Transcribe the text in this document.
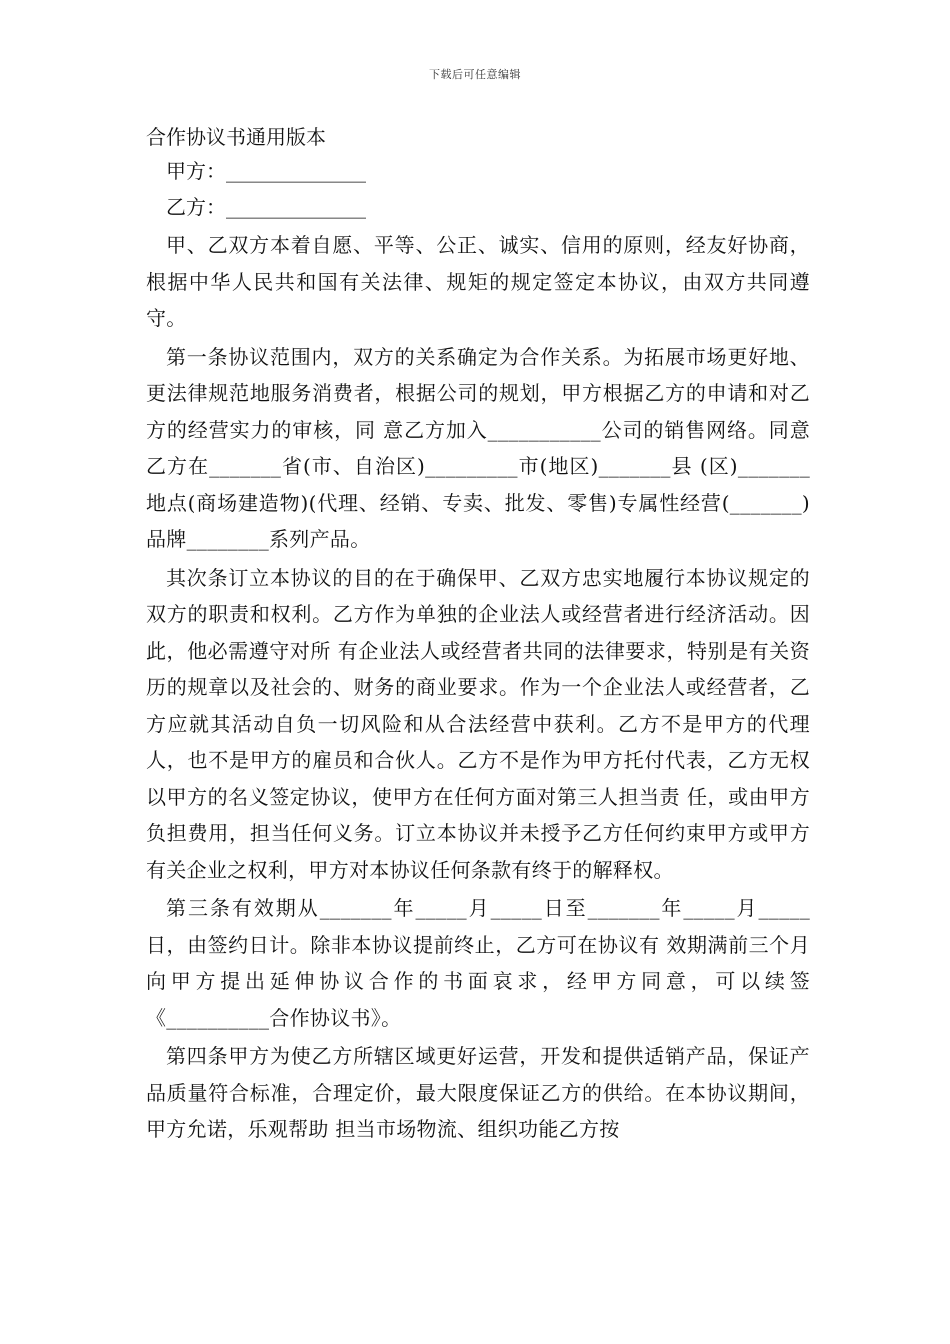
下载后可任意编辑
合作协议书通用版本
甲方：______________
乙方：______________

甲、乙双方本着自愿、平等、公正、诚实、信用的原则，经友好协商，根据中华人民共和国有关法律、规矩的规定签定本协议，由双方共同遵守。

第一条协议范围内，双方的关系确定为合作关系。为拓展市场更好地、更法律规范地服务消费者，根据公司的规划，甲方根据乙方的申请和对乙方的经营实力的审核，同 意乙方加入___________公司的销售网络。同意乙方在_______省(市、自治区)_________市(地区)_______县 (区)_______地点(商场建造物)(代理、经销、专卖、批发、零售)专属性经营(_______)品牌________系列产品。

其次条订立本协议的目的在于确保甲、乙双方忠实地履行本协议规定的双方的职责和权利。乙方作为单独的企业法人或经营者进行经济活动。因此，他必需遵守对所 有企业法人或经营者共同的法律要求，特别是有关资历的规章以及社会的、财务的商业要求。作为一个企业法人或经营者，乙方应就其活动自负一切风险和从合法经营中获利。乙方不是甲方的代理人，也不是甲方的雇员和合伙人。乙方不是作为甲方托付代表，乙方无权以甲方的名义签定协议，使甲方在任何方面对第三人担当责 任，或由甲方负担费用，担当任何义务。订立本协议并未授予乙方任何约束甲方或甲方有关企业之权利，甲方对本协议任何条款有终于的解释权。

第三条有效期从_______年_____月_____日至_______年_____月_____日，由签约日计。除非本协议提前终止，乙方可在协议有 效期满前三个月向甲方提出延伸协议合作的书面哀求，经甲方同意，可以续签《__________合作协议书》。

第四条甲方为使乙方所辖区域更好运营，开发和提供适销产品，保证产品质量符合标准，合理定价，最大限度保证乙方的供给。在本协议期间，甲方允诺，乐观帮助 担当市场物流、组织功能乙方按
